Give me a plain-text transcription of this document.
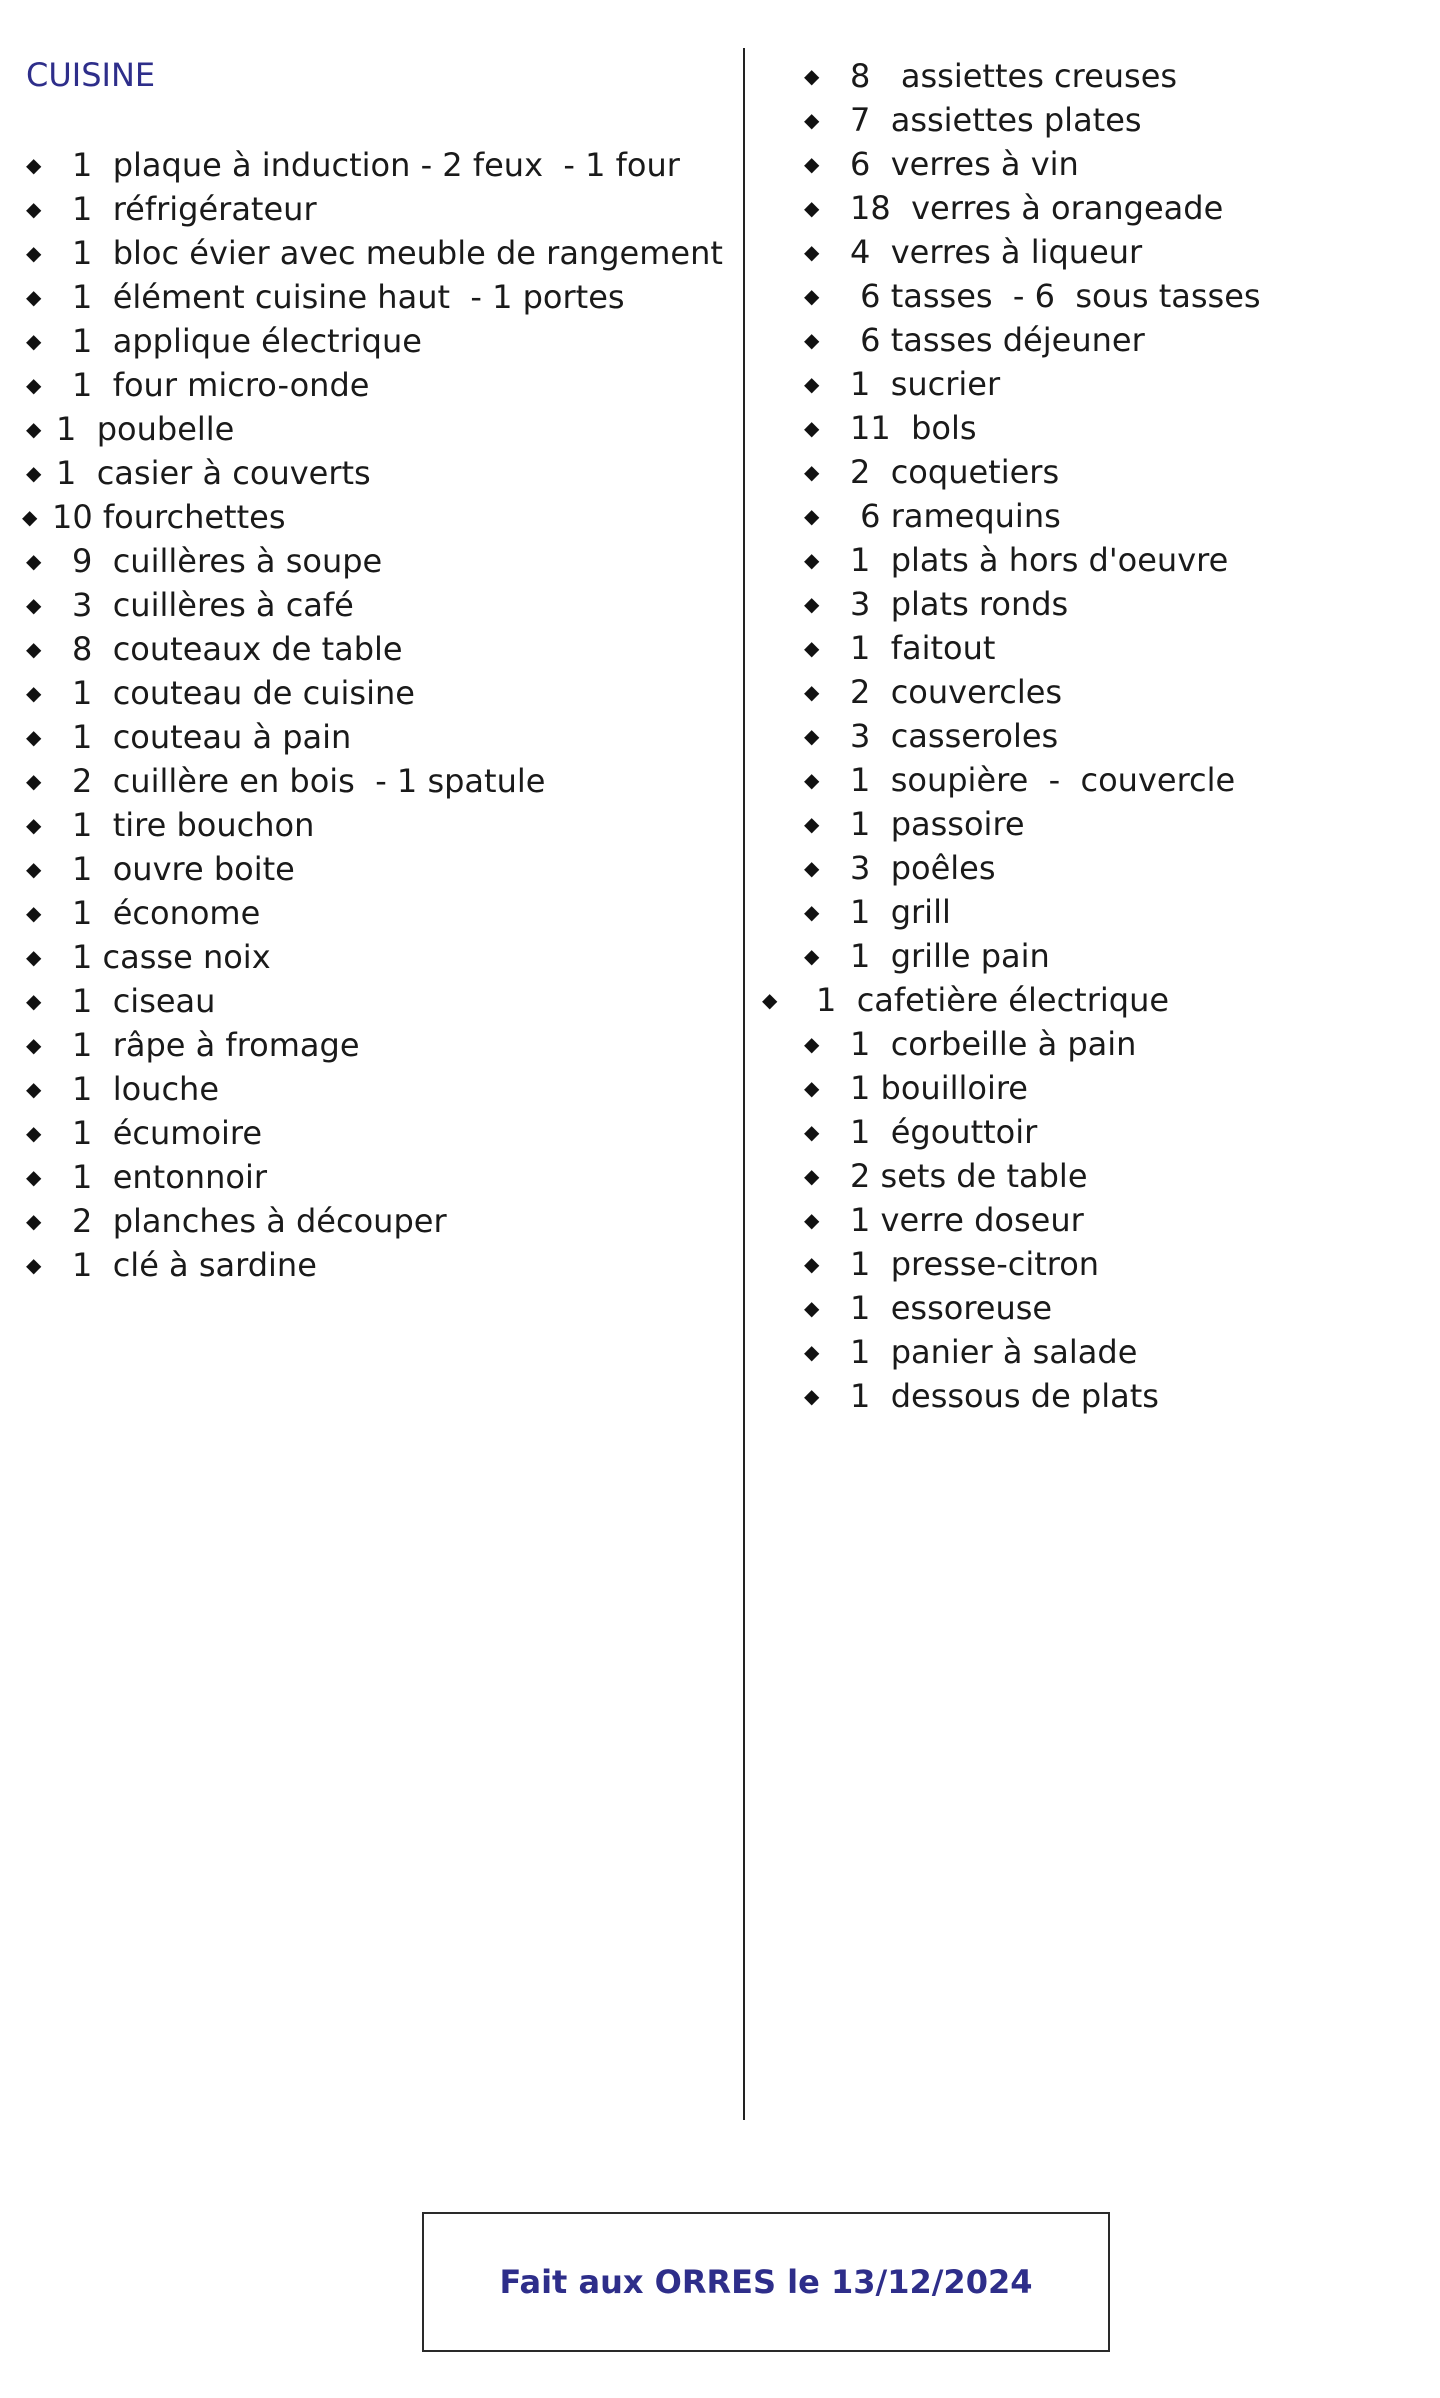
CUISINE
◆ 1  plaque à induction - 2 feux  - 1 four
◆ 1  réfrigérateur
◆ 1  bloc évier avec meuble de rangement
◆ 1  élément cuisine haut  - 1 portes
◆ 1  applique électrique
◆ 1  four micro-onde
◆ 1  poubelle
◆ 1  casier à couverts
◆ 10 fourchettes
◆ 9  cuillères à soupe
◆ 3  cuillères à café
◆ 8  couteaux de table
◆ 1  couteau de cuisine
◆ 1  couteau à pain
◆ 2  cuillère en bois  - 1 spatule
◆ 1  tire bouchon
◆ 1  ouvre boite
◆ 1  économe
◆ 1 casse noix
◆ 1  ciseau
◆ 1  râpe à fromage
◆ 1  louche
◆ 1  écumoire
◆ 1  entonnoir
◆ 2  planches à découper
◆ 1  clé à sardine
◆ 8   assiettes creuses
◆ 7  assiettes plates
◆ 6  verres à vin
◆ 18  verres à orangeade
◆ 4  verres à liqueur
◆ 6 tasses  - 6  sous tasses
◆ 6 tasses déjeuner
◆ 1  sucrier
◆ 11  bols
◆ 2  coquetiers
◆ 6 ramequins
◆ 1  plats à hors d'oeuvre
◆ 3  plats ronds
◆ 1  faitout
◆ 2  couvercles
◆ 3  casseroles
◆ 1  soupière  -  couvercle
◆ 1  passoire
◆ 3  poêles
◆ 1  grill
◆ 1  grille pain
◆ 1  cafetière électrique
◆ 1  corbeille à pain
◆ 1 bouilloire
◆ 1  égouttoir
◆ 2 sets de table
◆ 1 verre doseur
◆ 1  presse-citron
◆ 1  essoreuse
◆ 1  panier à salade
◆ 1  dessous de plats
Fait aux ORRES le 13/12/2024
